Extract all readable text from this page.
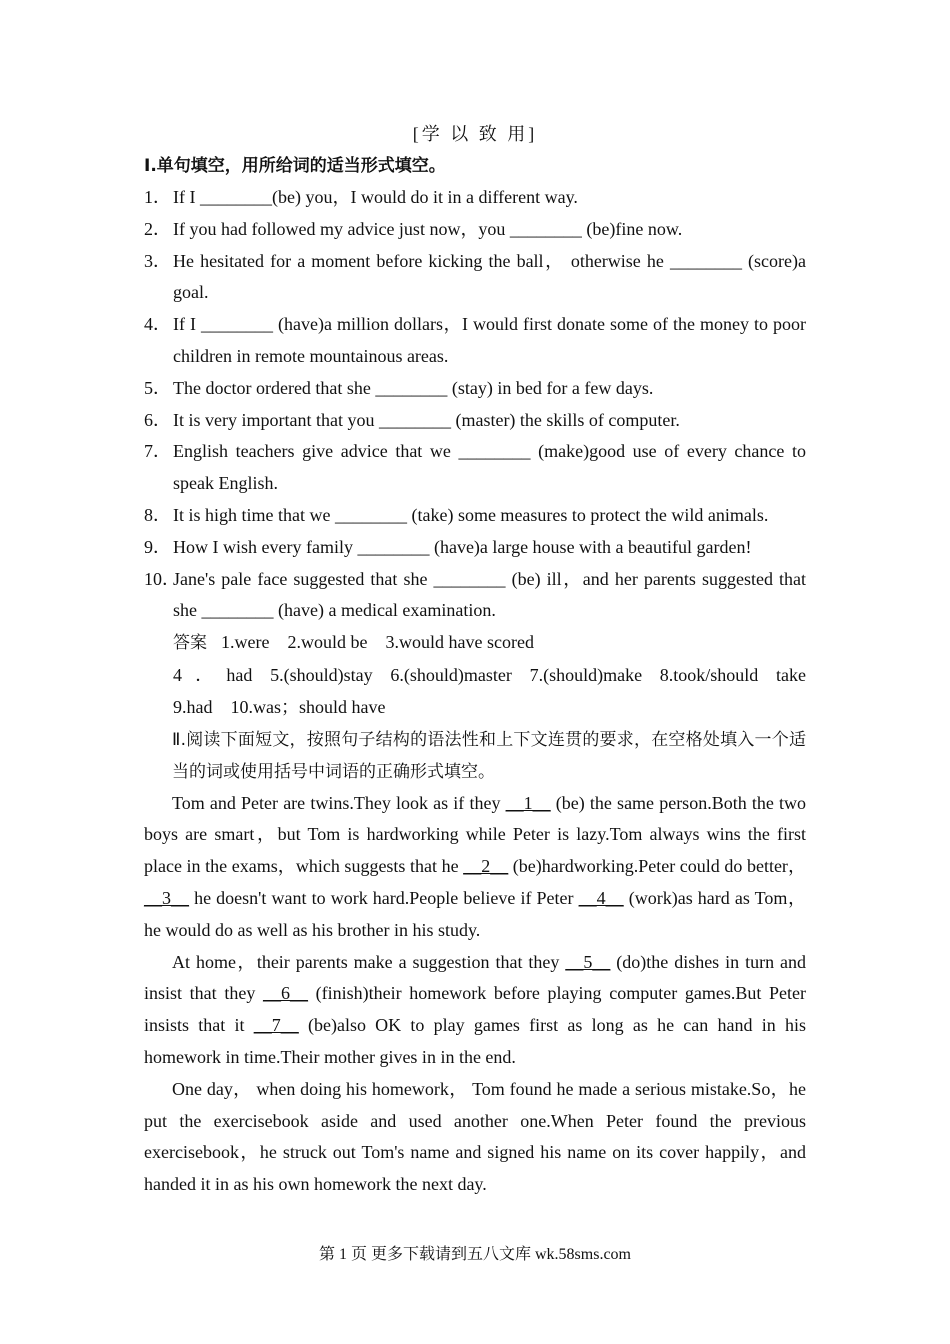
[学 以 致 用]
Ⅰ.单句填空，用所给词的适当形式填空。
1． If I ________(be) you，I would do it in a different way.
2． If you had followed my advice just now，you ________ (be)fine now.
3． He hesitated for a moment before kicking the ball， otherwise he ________ (score)a goal.
4． If I ________ (have)a million dollars，I would first donate some of the money to poor children in remote mountainous areas.
5． The doctor ordered that she ________ (stay) in bed for a few days.
6． It is very important that you ________ (master) the skills of computer.
7． English teachers give advice that we ________ (make)good use of every chance to speak English.
8． It is high time that we ________ (take) some measures to protect the wild animals.
9． How I wish every family ________ (have)a large house with a beautiful garden!
10．
Jane's pale face suggested that she ________ (be) ill，and her parents suggested that she ________ (have) a medical examination.
答案 1.were 2.would be 3.would have scored
4．had 5.(should)stay 6.(should)master 7.(should)make 8.took/should take
9.had 10.was；should have
Ⅱ.阅读下面短文，按照句子结构的语法性和上下文连贯的要求，在空格处填入一个适当的词或使用括号中词语的正确形式填空。
Tom and Peter are twins.They look as if they __1__ (be) the same person.Both the two boys are smart，but Tom is hardworking while Peter is lazy.Tom always wins the first place in the exams，which suggests that he __2__ (be)hardworking.Peter could do better， __3__ he doesn't want to work hard.People believe if Peter __4__ (work)as hard as Tom，he would do as well as his brother in his study.
At home，their parents make a suggestion that they __5__ (do)the dishes in turn and insist that they __6__ (finish)their homework before playing computer games.But Peter insists that it __7__ (be)also OK to play games first as long as he can hand in his homework in time.Their mother gives in in the end.
One day， when doing his homework， Tom found he made a serious mistake.So，he put the exercisebook aside and used another one.When Peter found the previous exercisebook，he struck out Tom's name and signed his name on its cover happily，and handed it in as his own homework the next day.
第 1 页 更多下载请到五八文库 wk.58sms.com
